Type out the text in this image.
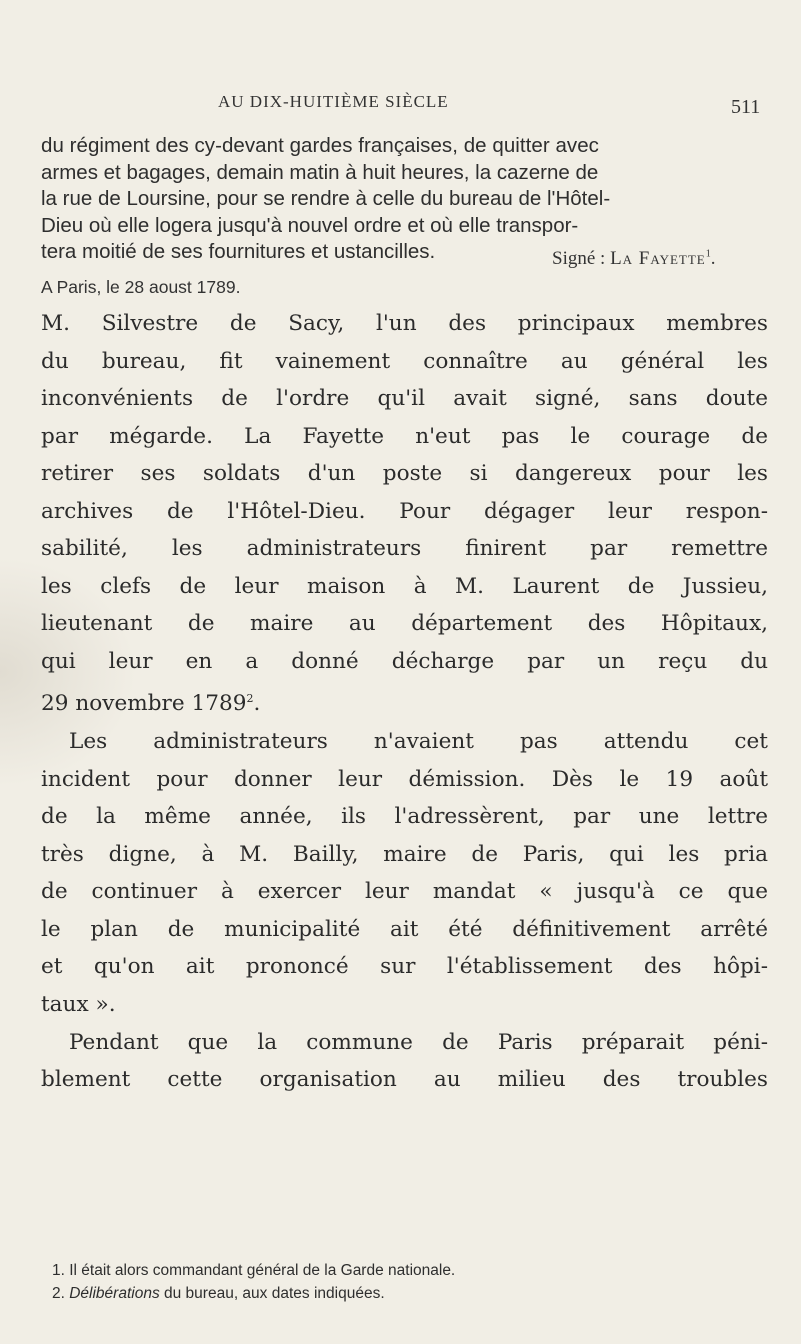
AU DIX-HUITIÈME SIÈCLE	511
du régiment des cy-devant gardes françaises, de quitter avec
armes et bagages, demain matin à huit heures, la cazerne de
la rue de Loursine, pour se rendre à celle du bureau de l'Hôtel-
Dieu où elle logera jusqu'à nouvel ordre et où elle transpor-
tera moitié de ses fournitures et ustancilles.	Signé : La Fayette$^1$.
A Paris, le 28 aoust 1789.
M. Silvestre de Sacy, l'un des principaux membres
du bureau, fit vainement connaître au général les
inconvénients de l'ordre qu'il avait signé, sans doute
par mégarde. La Fayette n'eut pas le courage de
retirer ses soldats d'un poste si dangereux pour les
archives de l'Hôtel-Dieu. Pour dégager leur respon-
sabilité, les administrateurs finirent par remettre
les clefs de leur maison à M. Laurent de Jussieu,
lieutenant de maire au département des Hôpitaux,
qui leur en a donné décharge par un reçu du
29 novembre 1789$^2$.
Les administrateurs n'avaient pas attendu cet
incident pour donner leur démission. Dès le 19 août
de la même année, ils l'adressèrent, par une lettre
très digne, à M. Bailly, maire de Paris, qui les pria
de continuer à exercer leur mandat « jusqu'à ce que
le plan de municipalité ait été définitivement arrêté
et qu'on ait prononcé sur l'établissement des hôpi-
taux ».
Pendant que la commune de Paris préparait péni-
blement cette organisation au milieu des troubles
1. Il était alors commandant général de la Garde nationale.
2. Délibérations du bureau, aux dates indiquées.
